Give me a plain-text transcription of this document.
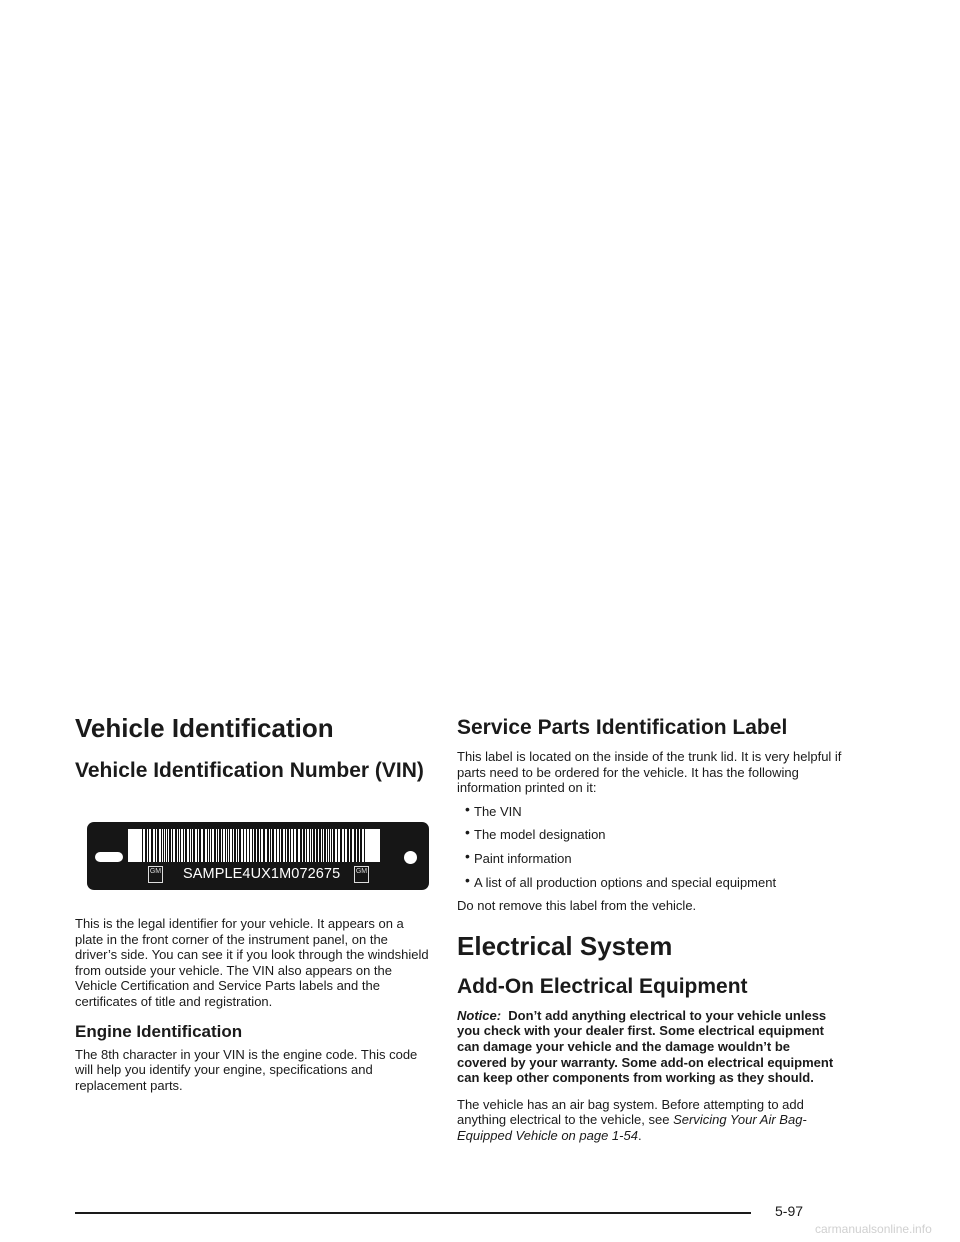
Vehicle Identification
Vehicle Identification Number (VIN)
GM SAMPLE4UX1M072675 GM

This is the legal identifier for your vehicle. It appears on a plate in the front corner of the instrument panel, on the driver’s side. You can see it if you look through the windshield from outside your vehicle. The VIN also appears on the Vehicle Certification and Service Parts labels and the certificates of title and registration.

Engine Identification

The 8th character in your VIN is the engine code. This code will help you identify your engine, specifications and replacement parts.

Service Parts Identification Label

This label is located on the inside of the trunk lid. It is very helpful if parts need to be ordered for the vehicle. It has the following information printed on it:

• The VIN
• The model designation
• Paint information
• A list of all production options and special equipment

Do not remove this label from the vehicle.

Electrical System
Add-On Electrical Equipment

Notice: Don’t add anything electrical to your vehicle unless you check with your dealer first. Some electrical equipment can damage your vehicle and the damage wouldn’t be covered by your warranty. Some add-on electrical equipment can keep other components from working as they should.

The vehicle has an air bag system. Before attempting to add anything electrical to the vehicle, see Servicing Your Air Bag-Equipped Vehicle on page 1-54.

5-97
carmanualsonline.info
